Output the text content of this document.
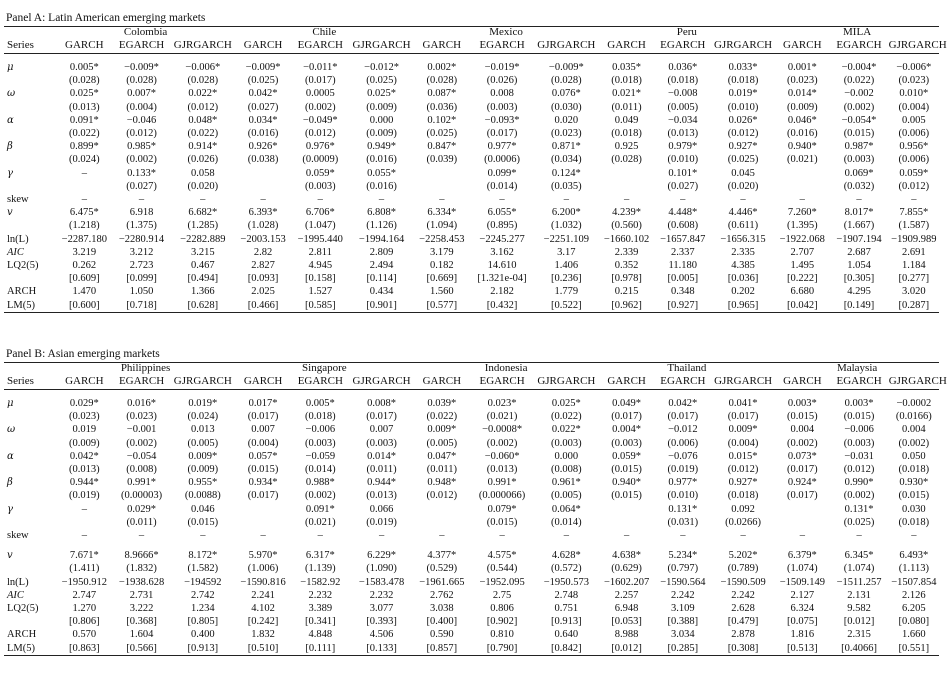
Panel A: Latin American emerging markets
	Colombia			Chile			Mexico			Peru			MILA		
Series	GARCH	EGARCH	GJRGARCH	GARCH	EGARCH	GJRGARCH	GARCH	EGARCH	GJRGARCH	GARCH	EGARCH	GJRGARCH	GARCH	EGARCH	GJRGARCH

μ	0.005*	−0.009*	−0.006*	−0.009*	−0.011*	−0.012*	0.002*	−0.019*	−0.009*	0.035*	0.036*	0.033*	0.001*	−0.004*	−0.006*
	(0.028)	(0.028)	(0.028)	(0.025)	(0.017)	(0.025)	(0.028)	(0.026)	(0.028)	(0.018)	(0.018)	(0.018)	(0.023)	(0.022)	(0.023)
ω	0.025*	0.007*	0.022*	0.042*	0.0005	0.025*	0.087*	0.008	0.076*	0.021*	−0.008	0.019*	0.014*	−0.002	0.010*
	(0.013)	(0.004)	(0.012)	(0.027)	(0.002)	(0.009)	(0.036)	(0.003)	(0.030)	(0.011)	(0.005)	(0.010)	(0.009)	(0.002)	(0.004)
α	0.091*	−0.046	0.048*	0.034*	−0.049*	0.000	0.102*	−0.093*	0.020	0.049	−0.034	0.026*	0.046*	−0.054*	0.005
	(0.022)	(0.012)	(0.022)	(0.016)	(0.012)	(0.009)	(0.025)	(0.017)	(0.023)	(0.018)	(0.013)	(0.012)	(0.016)	(0.015)	(0.006)
β	0.899*	0.985*	0.914*	0.926*	0.976*	0.949*	0.847*	0.977*	0.871*	0.925	0.979*	0.927*	0.940*	0.987*	0.956*
	(0.024)	(0.002)	(0.026)	(0.038)	(0.0009)	(0.016)	(0.039)	(0.0006)	(0.034)	(0.028)	(0.010)	(0.025)	(0.021)	(0.003)	(0.006)
γ	–	0.133*	0.058		0.059*	0.055*		0.099*	0.124*		0.101*	0.045		0.069*	0.059*
		(0.027)	(0.020)		(0.003)	(0.016)		(0.014)	(0.035)		(0.027)	(0.020)		(0.032)	(0.012)
skew	–	–	–	–	–	–	–	–	–	–	–	–	–	–	–
v	6.475*	6.918	6.682*	6.393*	6.706*	6.808*	6.334*	6.055*	6.200*	4.239*	4.448*	4.446*	7.260*	8.017*	7.855*
	(1.218)	(1.375)	(1.285)	(1.028)	(1.047)	(1.126)	(1.094)	(0.895)	(1.032)	(0.560)	(0.608)	(0.611)	(1.395)	(1.667)	(1.587)
ln(L)	−2287.180	−2280.914	−2282.889	−2003.153	−1995.440	−1994.164	−2258.453	−2245.277	−2251.109	−1660.102	−1657.847	−1656.315	−1922.068	−1907.194	−1909.989
AIC	3.219	3.212	3.215	2.82	2.811	2.809	3.179	3.162	3.17	2.339	2.337	2.335	2.707	2.687	2.691
LQ2(5)	0.262	2.723	0.467	2.827	4.945	2.494	0.182	14.610	1.406	0.352	11.180	4.385	1.495	1.054	1.184
	[0.609]	[0.099]	[0.494]	[0.093]	[0.158]	[0.114]	[0.669]	[1.321e-04]	[0.236]	[0.978]	[0.005]	[0.036]	[0.222]	[0.305]	[0.277]
ARCH	1.470	1.050	1.366	2.025	1.527	0.434	1.560	2.182	1.779	0.215	0.348	0.202	6.680	4.295	3.020
LM(5)	[0.600]	[0.718]	[0.628]	[0.466]	[0.585]	[0.901]	[0.577]	[0.432]	[0.522]	[0.962]	[0.927]	[0.965]	[0.042]	[0.149]	[0.287]
Panel B: Asian emerging markets
	Philippines			Singapore			Indonesia			Thailand			Malaysia		
Series	GARCH	EGARCH	GJRGARCH	GARCH	EGARCH	GJRGARCH	GARCH	EGARCH	GJRGARCH	GARCH	EGARCH	GJRGARCH	GARCH	EGARCH	GJRGARCH

μ	0.029*	0.016*	0.019*	0.017*	0.005*	0.008*	0.039*	0.023*	0.025*	0.049*	0.042*	0.041*	0.003*	0.003*	−0.0002
	(0.023)	(0.023)	(0.024)	(0.017)	(0.018)	(0.017)	(0.022)	(0.021)	(0.022)	(0.017)	(0.017)	(0.017)	(0.015)	(0.015)	(0.0166)
ω	0.019	−0.001	0.013	0.007	−0.006	0.007	0.009*	−0.0008*	0.022*	0.004*	−0.012	0.009*	0.004	−0.006	0.004
	(0.009)	(0.002)	(0.005)	(0.004)	(0.003)	(0.003)	(0.005)	(0.002)	(0.003)	(0.003)	(0.006)	(0.004)	(0.002)	(0.003)	(0.002)
α	0.042*	−0.054	0.009*	0.057*	−0.059	0.014*	0.047*	−0.060*	0.000	0.059*	−0.076	0.015*	0.073*	−0.031	0.050
	(0.013)	(0.008)	(0.009)	(0.015)	(0.014)	(0.011)	(0.011)	(0.013)	(0.008)	(0.015)	(0.019)	(0.012)	(0.017)	(0.012)	(0.018)
β	0.944*	0.991*	0.955*	0.934*	0.988*	0.944*	0.948*	0.991*	0.961*	0.940*	0.977*	0.927*	0.924*	0.990*	0.930*
	(0.019)	(0.00003)	(0.0088)	(0.017)	(0.002)	(0.013)	(0.012)	(0.000066)	(0.005)	(0.015)	(0.010)	(0.018)	(0.017)	(0.002)	(0.015)
γ	–	0.029*	0.046		0.091*	0.066		0.079*	0.064*		0.131*	0.092		0.131*	0.030
		(0.011)	(0.015)		(0.021)	(0.019)		(0.015)	(0.014)		(0.031)	(0.0266)		(0.025)	(0.018)
skew	–	–	–	–	–	–	–	–	–	–	–	–	–	–	–

v	7.671*	8.9666*	8.172*	5.970*	6.317*	6.229*	4.377*	4.575*	4.628*	4.638*	5.234*	5.202*	6.379*	6.345*	6.493*
	(1.411)	(1.832)	(1.582)	(1.006)	(1.139)	(1.090)	(0.529)	(0.544)	(0.572)	(0.629)	(0.797)	(0.789)	(1.074)	(1.074)	(1.113)
ln(L)	−1950.912	−1938.628	−194592	−1590.816	−1582.92	−1583.478	−1961.665	−1952.095	−1950.573	−1602.207	−1590.564	−1590.509	−1509.149	−1511.257	−1507.854
AIC	2.747	2.731	2.742	2.241	2.232	2.232	2.762	2.75	2.748	2.257	2.242	2.242	2.127	2.131	2.126
LQ2(5)	1.270	3.222	1.234	4.102	3.389	3.077	3.038	0.806	0.751	6.948	3.109	2.628	6.324	9.582	6.205
	[0.806]	[0.368]	[0.805]	[0.242]	[0.341]	[0.393]	[0.400]	[0.902]	[0.913]	[0.053]	[0.388]	[0.479]	[0.075]	[0.012]	[0.080]
ARCH	0.570	1.604	0.400	1.832	4.848	4.506	0.590	0.810	0.640	8.988	3.034	2.878	1.816	2.315	1.660
LM(5)	[0.863]	[0.566]	[0.913]	[0.510]	[0.111]	[0.133]	[0.857]	[0.790]	[0.842]	[0.012]	[0.285]	[0.308]	[0.513]	[0.4066]	[0.551]
